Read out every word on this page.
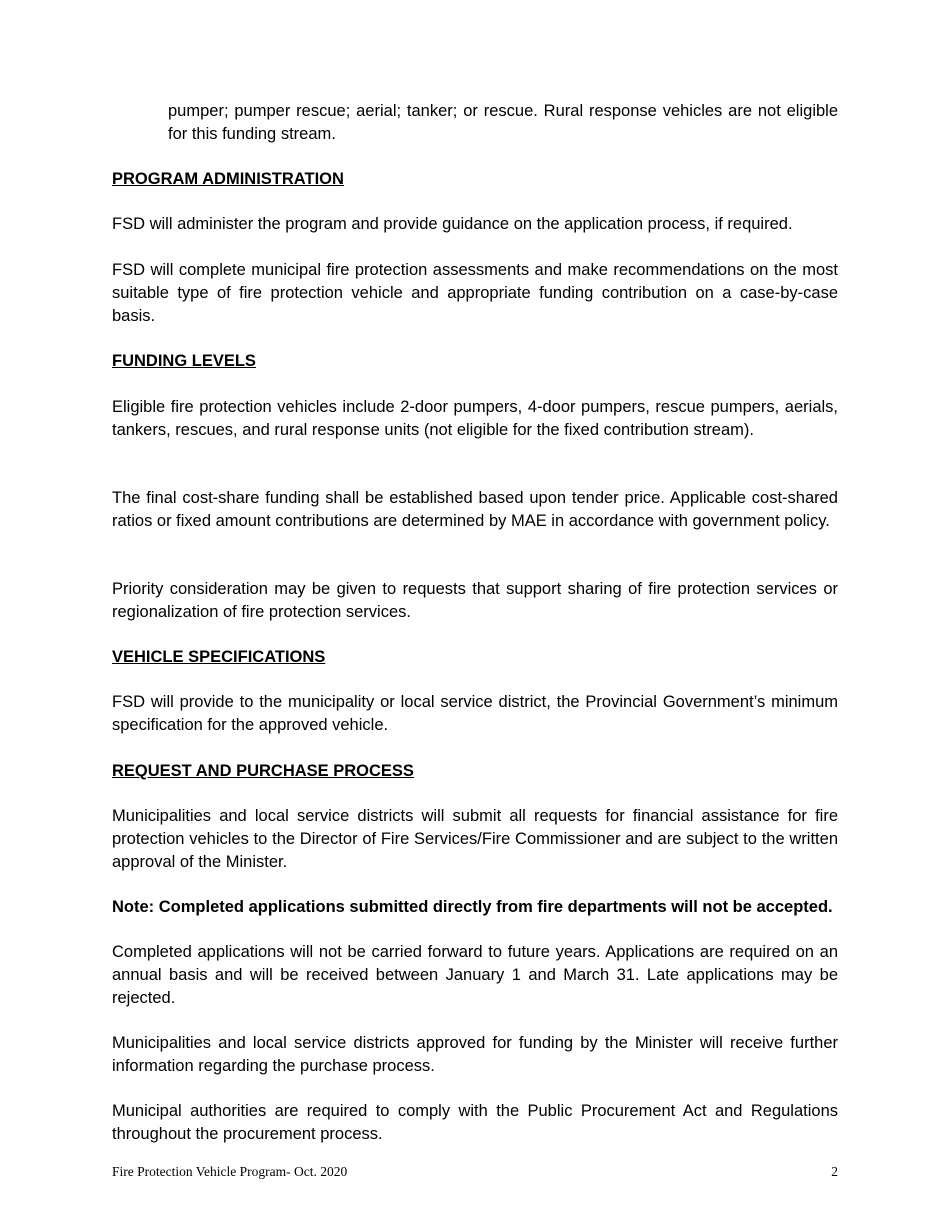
pumper; pumper rescue; aerial; tanker; or rescue. Rural response vehicles are not eligible for this funding stream.

PROGRAM ADMINISTRATION

FSD will administer the program and provide guidance on the application process, if required.

FSD will complete municipal fire protection assessments and make recommendations on the most suitable type of fire protection vehicle and appropriate funding contribution on a case-by-case basis.

FUNDING LEVELS

Eligible fire protection vehicles include 2-door pumpers, 4-door pumpers, rescue pumpers, aerials, tankers, rescues, and rural response units (not eligible for the fixed contribution stream).

The final cost-share funding shall be established based upon tender price. Applicable cost-shared ratios or fixed amount contributions are determined by MAE in accordance with government policy.

Priority consideration may be given to requests that support sharing of fire protection services or regionalization of fire protection services.

VEHICLE SPECIFICATIONS

FSD will provide to the municipality or local service district, the Provincial Government’s minimum specification for the approved vehicle.

REQUEST AND PURCHASE PROCESS

Municipalities and local service districts will submit all requests for financial assistance for fire protection vehicles to the Director of Fire Services/Fire Commissioner and are subject to the written approval of the Minister.

Note: Completed applications submitted directly from fire departments will not be accepted.

Completed applications will not be carried forward to future years. Applications are required on an annual basis and will be received between January 1 and March 31. Late applications may be rejected.

Municipalities and local service districts approved for funding by the Minister will receive further information regarding the purchase process.

Municipal authorities are required to comply with the Public Procurement Act and Regulations throughout the procurement process.

Fire Protection Vehicle Program- Oct. 2020	2
